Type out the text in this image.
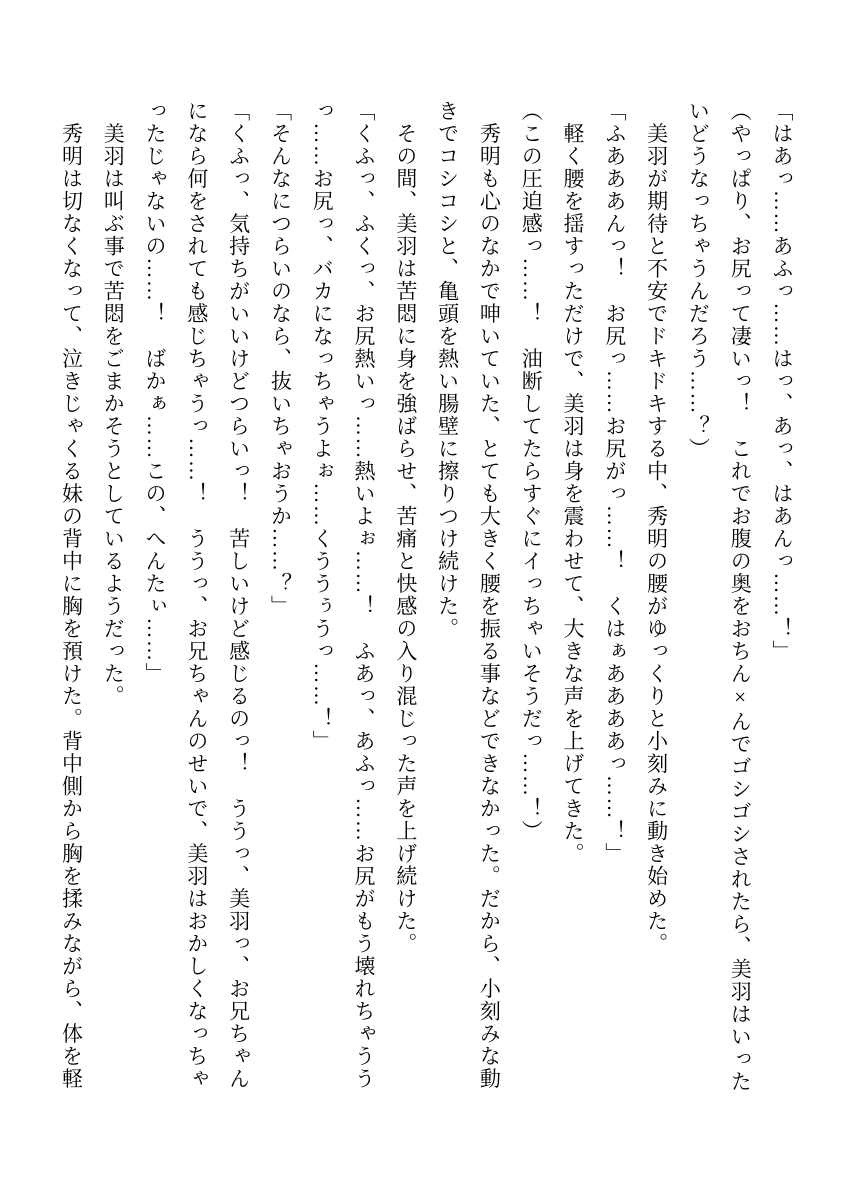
「はあっ……あふっ……はっ、あっ、はあんっ……！」

（やっぱり、お尻って凄いっ！　これでお腹の奥をおちん×んでゴシゴシされたら、美羽はいった

いどうなっちゃうんだろう……？）

　美羽が期待と不安でドキドキする中、秀明の腰がゆっくりと小刻みに動き始めた。

「ふあああんっ！　お尻っ……お尻がっ……！　くはぁああああっ……！」

　軽く腰を揺すっただけで、美羽は身を震わせて、大きな声を上げてきた。

（この圧迫感っ……！　油断してたらすぐにイっちゃいそうだっ……！）

　秀明も心のなかで呻いていた、とても大きく腰を振る事などできなかった。だから、小刻みな動

きでコシコシと、亀頭を熱い腸壁に擦りつけ続けた。

　その間、美羽は苦悶に身を強ばらせ、苦痛と快感の入り混じった声を上げ続けた。

「くふっ、ふくっ、お尻熱いっ……熱いよぉ……！　ふあっ、あふっ……お尻がもう壊れちゃうう

っ……お尻っ、バカになっちゃうよぉ……くううぅうっ……！」

「そんなにつらいのなら、抜いちゃおうか……？」

「くふっ、気持ちがいいけどつらいっ！　苦しいけど感じるのっ！　ううっ、美羽っ、お兄ちゃん

になら何をされても感じちゃうっ……！　ううっ、お兄ちゃんのせいで、美羽はおかしくなっちゃ

ったじゃないの……！　ばかぁ……この、へんたぃ……」

　美羽は叫ぶ事で苦悶をごまかそうとしているようだった。

　秀明は切なくなって、泣きじゃくる妹の背中に胸を預けた。背中側から胸を揉みながら、体を軽
